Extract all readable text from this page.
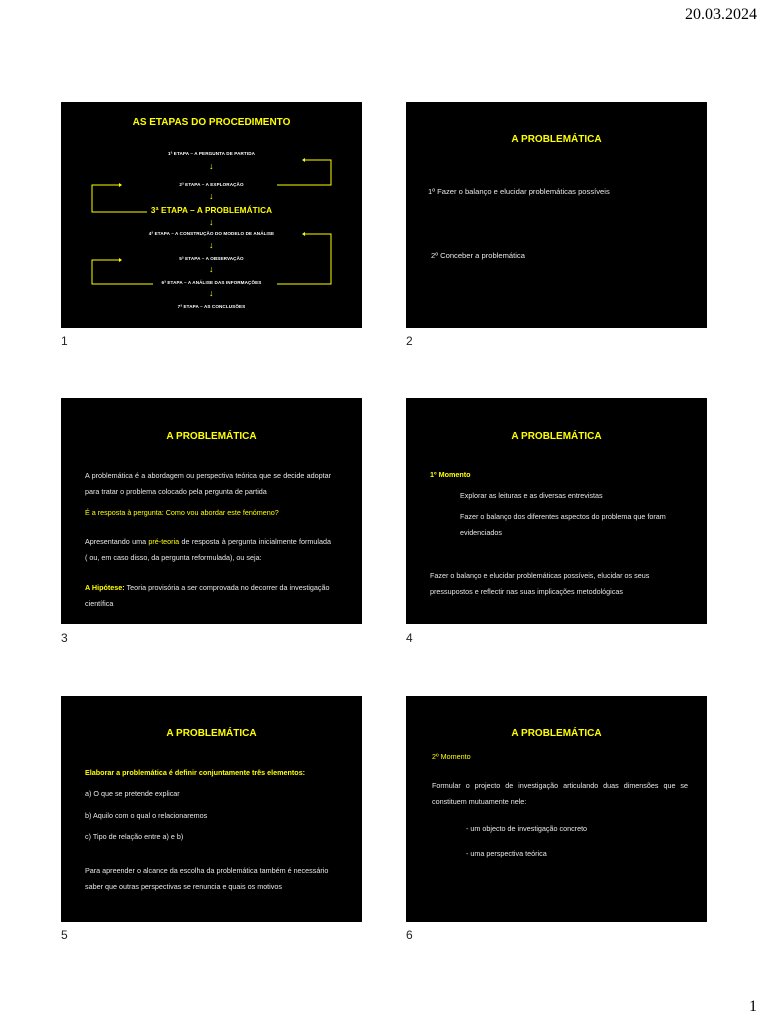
20.03.2024
AS ETAPAS DO PROCEDIMENTO
1ª ETAPA – A PERGUNTA DE PARTIDA
↓
2ª ETAPA – A EXPLORAÇÃO
↓
3ª ETAPA – A PROBLEMÁTICA
↓
4ª ETAPA – A CONSTRUÇÃO DO MODELO DE ANÁLISE
↓
5ª ETAPA – A OBSERVAÇÃO
↓
6ª ETAPA – A ANÁLISE DAS INFORMAÇÕES
↓
7ª ETAPA – AS CONCLUSÕES
1
A PROBLEMÁTICA
1º Fazer o balanço e elucidar problemáticas possíveis
2º Conceber a problemática
2
A PROBLEMÁTICA
A problemática é a abordagem ou perspectiva teórica que se decide adoptar para tratar o problema colocado pela pergunta de partida
É a resposta à pergunta: Como vou abordar este fenómeno?
Apresentando uma pré-teoria de resposta à pergunta inicialmente formulada ( ou, em caso disso, da pergunta reformulada), ou seja:
A Hipótese: Teoria provisória a ser comprovada no decorrer da investigação científica
3
A PROBLEMÁTICA
1º Momento
Explorar as leituras e as diversas entrevistas
Fazer o balanço dos diferentes aspectos do problema que foram evidenciados
Fazer o balanço e elucidar problemáticas possíveis, elucidar os seus pressupostos e reflectir nas suas implicações metodológicas
4
A PROBLEMÁTICA
Elaborar a problemática é definir conjuntamente três elementos:
a) O que se pretende explicar
b) Aquilo com o qual o relacionaremos
c) Tipo de relação entre a) e b)
Para apreender o alcance da escolha da problemática também é necessário saber que outras perspectivas se renuncia e quais os motivos
5
A PROBLEMÁTICA
2º Momento
Formular o projecto de investigação articulando duas dimensões que se constituem mutuamente nele:
- um objecto de investigação concreto
- uma perspectiva teórica
6
1
